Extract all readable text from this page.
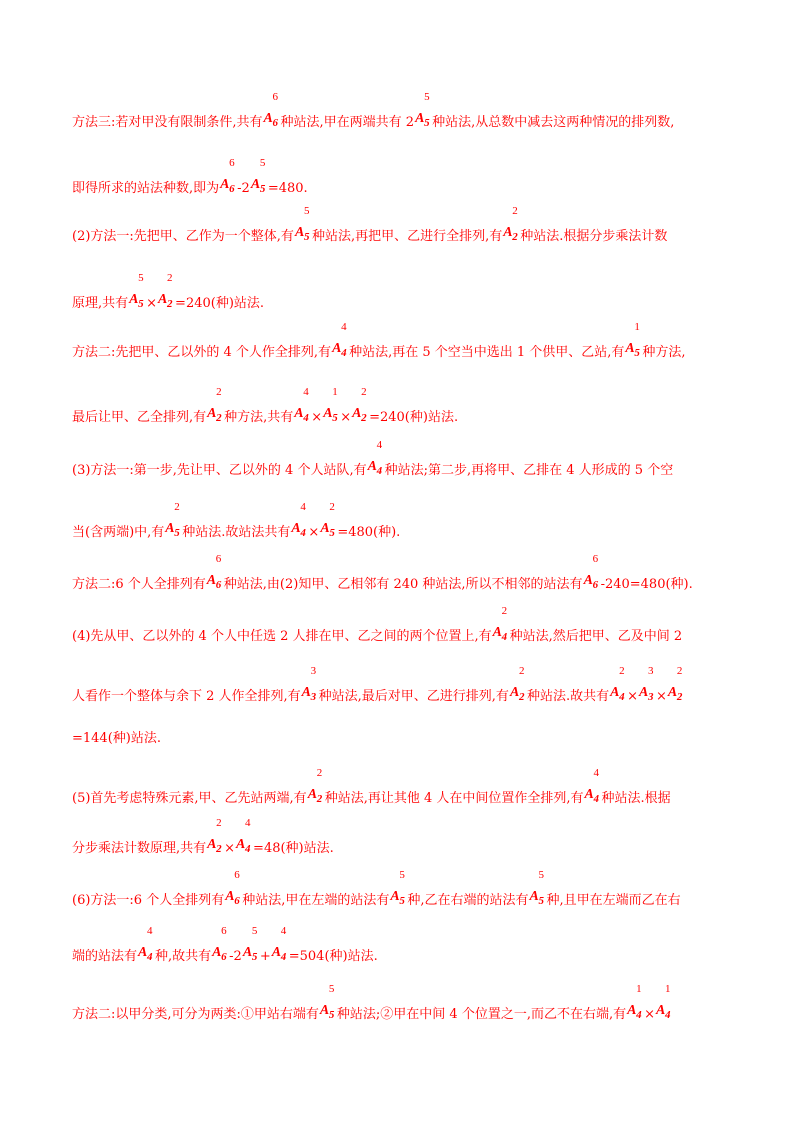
方法三:若对甲没有限制条件,共有 A
6
6 种站法,甲在两端共有 2 A
5
5 种站法,从总数中减去这两种情况的排列数,
即得所求的站法种数,即为 A
6
6 -2 A
5
5 =480.
(2)方法一:先把甲、乙作为一个整体,有 A
5
5 种站法,再把甲、乙进行全排列,有 A
2
2 种站法.根据分步乘法计数
原理,共有 A
5
5 × A
2
2 =240(种)站法.
方法二:先把甲、乙以外的 4 个人作全排列,有 A
4
4 种站法,再在 5 个空当中选出 1 个供甲、乙站,有 A
1
5 种方法,
最后让甲、乙全排列,有 A
2
2 种方法,共有 A
4
4 × A
1
5 × A
2
2 =240(种)站法.
(3)方法一:第一步,先让甲、乙以外的 4 个人站队,有 A
4
4 种站法;第二步,再将甲、乙排在 4 人形成的 5 个空
当(含两端)中,有 A
2
5 种站法.故站法共有 A
4
4 × A
2
5 =480(种).
方法二:6 个人全排列有 A
6
6 种站法,由(2)知甲、乙相邻有 240 种站法,所以不相邻的站法有 A
6
6 -240=480(种).
(4)先从甲、乙以外的 4 个人中任选 2 人排在甲、乙之间的两个位置上,有 A
2
4 种站法,然后把甲、乙及中间 2
人看作一个整体与余下 2 人作全排列,有 A
3
3 种站法,最后对甲、乙进行排列,有 A
2
2 种站法.故共有 A
2
4 × A
3
3 × A
2
2
=144(种)站法.
(5)首先考虑特殊元素,甲、乙先站两端,有 A
2
2 种站法,再让其他 4 人在中间位置作全排列,有 A
4
4 种站法.根据
分步乘法计数原理,共有 A
2
2 × A
4
4 =48(种)站法.
(6)方法一:6 个人全排列有 A
6
6 种站法,甲在左端的站法有 A
5
5 种,乙在右端的站法有 A
5
5 种,且甲在左端而乙在右
端的站法有 A
4
4 种,故共有 A
6
6 -2 A
5
5 + A
4
4 =504(种)站法.
方法二:以甲分类,可分为两类:①甲站右端有 A
5
5 种站法;②甲在中间 4 个位置之一,而乙不在右端,有 A
1
4 × A
1
4
